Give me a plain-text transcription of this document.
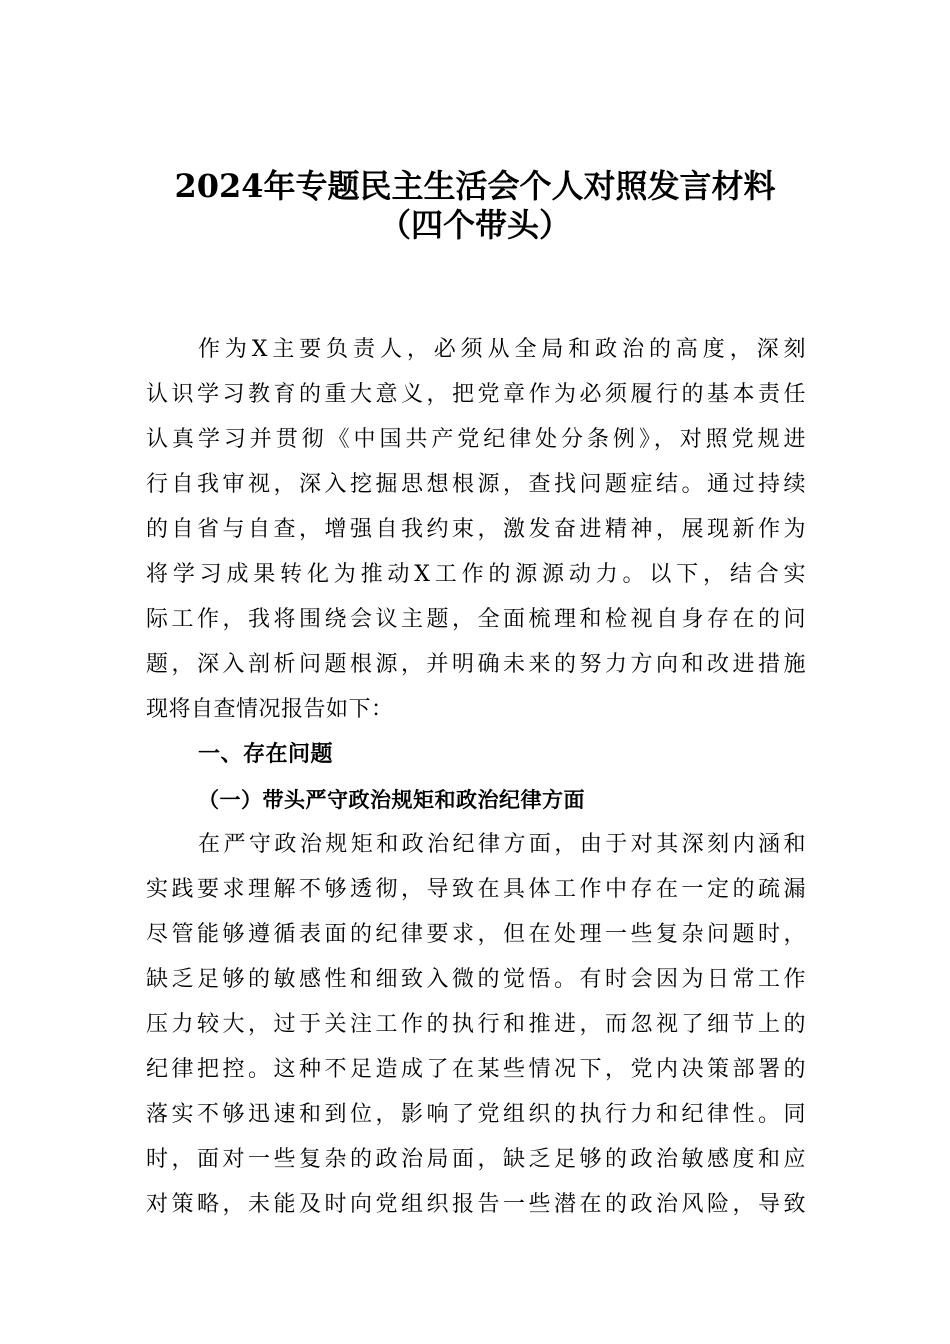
2024年专题民主生活会个人对照发言材料
（四个带头）
作为X主要负责人，必须从全局和政治的高度，深刻
认识学习教育的重大意义，把党章作为必须履行的基本责任
认真学习并贯彻《中国共产党纪律处分条例》，对照党规进
行自我审视，深入挖掘思想根源，查找问题症结。通过持续
的自省与自查，增强自我约束，激发奋进精神，展现新作为
将学习成果转化为推动X工作的源源动力。以下，结合实
际工作，我将围绕会议主题，全面梳理和检视自身存在的问
题，深入剖析问题根源，并明确未来的努力方向和改进措施
现将自查情况报告如下：
一、存在问题
（一）带头严守政治规矩和政治纪律方面
在严守政治规矩和政治纪律方面，由于对其深刻内涵和
实践要求理解不够透彻，导致在具体工作中存在一定的疏漏
尽管能够遵循表面的纪律要求，但在处理一些复杂问题时，
缺乏足够的敏感性和细致入微的觉悟。有时会因为日常工作
压力较大，过于关注工作的执行和推进，而忽视了细节上的
纪律把控。这种不足造成了在某些情况下，党内决策部署的
落实不够迅速和到位，影响了党组织的执行力和纪律性。同
时，面对一些复杂的政治局面，缺乏足够的政治敏感度和应
对策略，未能及时向党组织报告一些潜在的政治风险，导致
